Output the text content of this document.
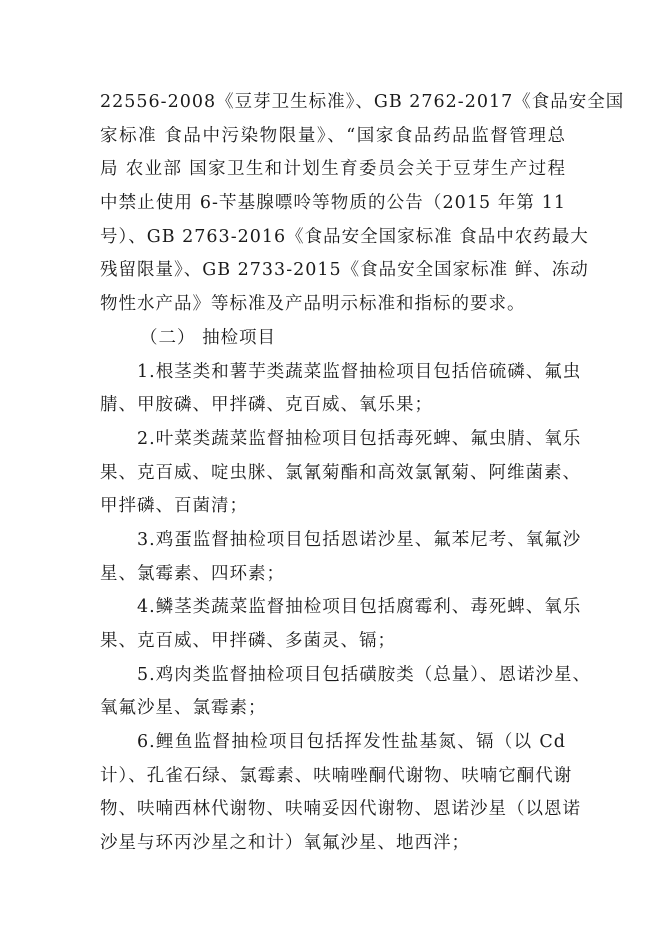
22556-2008《豆芽卫生标准》、GB 2762-2017《食品安全国
家标准 食品中污染物限量》、“国家食品药品监督管理总
局 农业部 国家卫生和计划生育委员会关于豆芽生产过程
中禁止使用 6-苄基腺嘌呤等物质的公告（2015 年第 11
号）、GB 2763-2016《食品安全国家标准 食品中农药最大
残留限量》、GB 2733-2015《食品安全国家标准 鲜、冻动
物性水产品》等标准及产品明示标准和指标的要求。
（二） 抽检项目
1.根茎类和薯芋类蔬菜监督抽检项目包括倍硫磷、氟虫
腈、甲胺磷、甲拌磷、克百威、氧乐果；
2.叶菜类蔬菜监督抽检项目包括毒死蜱、氟虫腈、氧乐
果、克百威、啶虫脒、氯氰菊酯和高效氯氰菊、阿维菌素、
甲拌磷、百菌清；
3.鸡蛋监督抽检项目包括恩诺沙星、氟苯尼考、氧氟沙
星、氯霉素、四环素；
4.鳞茎类蔬菜监督抽检项目包括腐霉利、毒死蜱、氧乐
果、克百威、甲拌磷、多菌灵、镉；
5.鸡肉类监督抽检项目包括磺胺类（总量）、恩诺沙星、
氧氟沙星、氯霉素；
6.鲤鱼监督抽检项目包括挥发性盐基氮、镉（以 Cd
计）、孔雀石绿、氯霉素、呋喃唑酮代谢物、呋喃它酮代谢
物、呋喃西林代谢物、呋喃妥因代谢物、恩诺沙星（以恩诺
沙星与环丙沙星之和计）氧氟沙星、地西泮；
